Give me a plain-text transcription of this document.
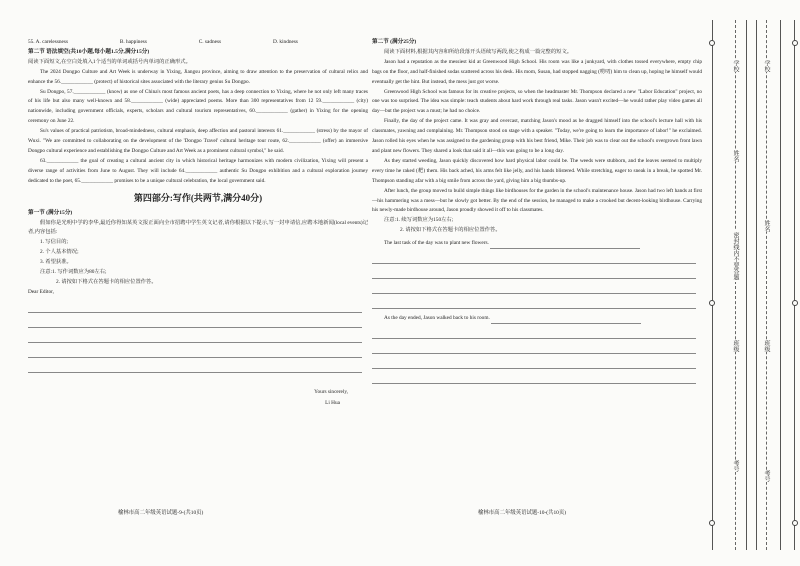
55. A. carelessness	B. happiness	C. sadness	D. kindness

第二节 语法填空(共10小题,每小题1.5分,满分15分)

阅读下面短文,在空白处填入1个适当的单词或括号内单词的正确形式。

The 2024 Dongpo Culture and Art Week is underway in Yixing, Jiangsu province, aiming to draw attention to the preservation of cultural relics and enhance the 56.____________ (protect) of historical sites associated with the literary genius Su Dongpo.

Su Dongpo, 57.____________ (know) as one of China's most famous ancient poets, has a deep connection to Yixing, where he not only left many traces of his life but also many well-known and 58.____________ (wide) appreciated poems. More than 300 representatives from 12 59.____________ (city) nationwide, including government officials, experts, scholars and cultural tourism representatives, 60.____________ (gather) in Yixing for the opening ceremony on June 22.

Su's values of practical patriotism, broad-mindedness, cultural emphasis, deep affection and pastoral interests 61.____________ (stress) by the mayor of Wuxi. "We are committed to collaborating on the development of the 'Dongpo Travel' cultural heritage tour route, 62.____________ (offer) an immersive Dongpo cultural experience and establishing the Dongpo Culture and Art Week as a prominent cultural symbol," he said.

63.____________ the goal of creating a cultural ancient city in which historical heritage harmonizes with modern civilization, Yixing will present a diverse range of activities from June to August. They will include 64.____________ authentic Su Dongpo exhibition and a cultural exploration journey dedicated to the poet, 65.____________ promises to be a unique cultural celebration, the local government said.

第四部分:写作(共两节,满分40分)

第一节 (满分15分)

假如你是光明中学的李华,最近你得知某英文报正面向全市招聘中学生英文记者,请你根据以下提示,写一封申请信,应聘本地新闻(local events)记者,内容包括:

1. 写信目的;

2. 个人基本情况;

3. 希望获准。

注意:1. 写作词数应为80左右;

2. 请按如下格式在答题卡的相应位置作答。

Dear Editor,

Yours sincerely,
Li Hua
榆林市高二年级英语试题-9-(共10页)

第二节 (满分25分)

阅读下面材料,根据其内容和所给段落开头语续写两段,使之构成一篇完整的短文。

Jason had a reputation as the messiest kid at Greenwood High School. His room was like a junkyard, with clothes tossed everywhere, empty chip bags on the floor, and half-finished sodas scattered across his desk. His mom, Susan, had stopped nagging (唠叨) him to clean up, hoping he himself would eventually get the hint. But instead, the mess just got worse.

Greenwood High School was famous for its creative projects, so when the headmaster Mr. Thompson declared a new "Labor Education" project, no one was too surprised. The idea was simple: teach students about hard work through real tasks. Jason wasn't excited—he would rather play video games all day—but the project was a must; he had no choice.

Finally, the day of the project came. It was gray and overcast, matching Jason's mood as he dragged himself into the school's lecture hall with his classmates, yawning and complaining. Mr. Thompson stood on stage with a speaker. "Today, we're going to learn the importance of labor!" he exclaimed. Jason rolled his eyes when he was assigned to the gardening group with his best friend, Mike. Their job was to clear out the school's overgrown front lawn and plant new flowers. They shared a look that said it all—this was going to be a long day.

As they started weeding, Jason quickly discovered how hard physical labor could be. The weeds were stubborn, and the leaves seemed to multiply every time he raked (耙) them. His back ached, his arms felt like jelly, and his hands blistered. While stretching, eager to sneak in a break, he spotted Mr. Thompson standing afar with a big smile from across the yard, giving him a big thumbs-up.

After lunch, the group moved to build simple things like birdhouses for the garden in the school's maintenance house. Jason had two left hands at first—his hammering was a mess—but he slowly got better. By the end of the session, he managed to make a crooked but decent-looking birdhouse. Carrying his newly-made birdhouse around, Jason proudly showed it off to his classmates.

注意:1. 续写词数应为150左右;

2. 请按如下格式在答题卡的相应位置作答。

The last task of the day was to plant new flowers.

As the day ended, Jason walked back to his room.

榆林市高二年级英语试题-10-(共10页)
密封线内不要答题
学校
姓名
班级
考号
学校
姓名
班级
考号
